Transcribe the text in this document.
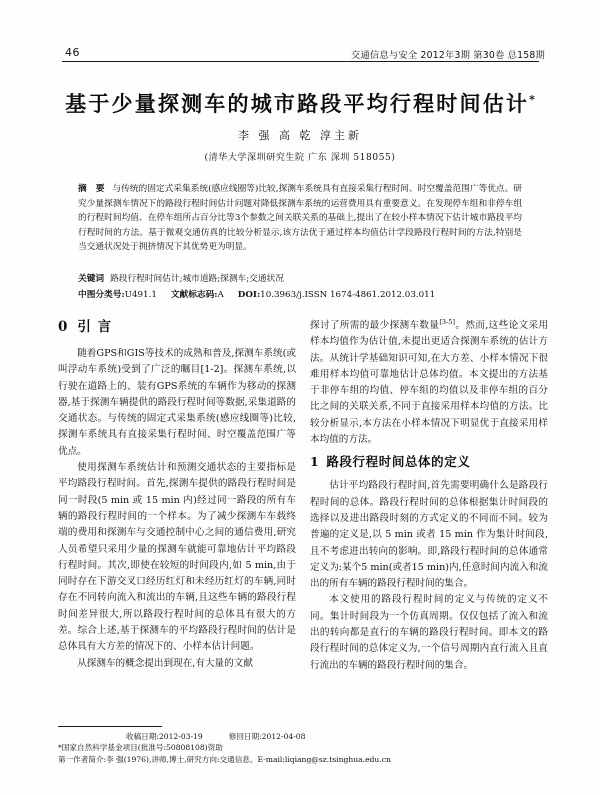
46	交通信息与安全 2012年3期 第30卷 总158期
基于少量探测车的城市路段平均行程时间估计*
李 强 高 乾 淳主新
(清华大学深圳研究生院 广东 深圳 518055)
摘 要 与传统的固定式采集系统(感应线圈等)比较,探测车系统具有直接采集行程时间、时空覆盖范围广等优点。研究少量探测车情况下的路段行程时间估计问题对降低探测车系统的运营费用具有重要意义。在发现停车组和非停车组的行程时间均值、在停车组所占百分比等3个参数之间关联关系的基础上,提出了在较小样本情况下估计城市路段平均行程时间的方法。基于微观交通仿真的比较分析显示,该方法优于通过样本均值估计学段路段行程时间的方法,特别是当交通状况处于拥挤情况下其优势更为明显。
关键词 路段行程时间估计;城市道路;探测车;交通状况
中图分类号:U491.1 文献标志码:A DOI:10.3963/j.ISSN 1674-4861.2012.03.011
0 引 言

随着GPS和GIS等技术的成熟和普及,探测车系统(或叫浮动车系统)受到了广泛的瞩目[1-2]。探测车系统,以行驶在道路上的、装有GPS系统的车辆作为移动的探测器,基于探测车辆提供的路段行程时间等数据,采集道路的交通状态。与传统的固定式采集系统(感应线圈等)比较,探测车系统具有直接采集行程时间、时空覆盖范围广等优点。

使用探测车系统估计和预测交通状态的主要指标是平均路段行程时间。首先,探测车提供的路段行程时间是同一时段(5 min 或 15 min 内)经过同一路段的所有车辆的路段行程时间的一个样本。为了减少探测车车载终端的费用和探测车与交通控制中心之间的通信费用,研究人员希望只采用少量的探测车就能可靠地估计平均路段行程时间。其次,即使在较短的时间段内,如 5 min,由于同时存在下游交叉口经历红灯和未经历红灯的车辆,同时存在不同转向流入和流出的车辆,且这些车辆的路段行程时间差异很大,所以路段行程时间的总体具有很大的方差。综合上述,基于探测车的平均路段行程时间的估计是总体具有大方差的情况下的、小样本估计问题。

从探测车的概念提出到现在,有大量的文献

探讨了所需的最少探测车数量[3-5]。然而,这些论文采用样本均值作为估计值,未提出更适合探测车系统的估计方法。从统计学基础知识可知,在大方差、小样本情况下很难用样本均值可靠地估计总体均值。本文提出的方法基于非停车组的均值、停车组的均值以及非停车组的百分比之间的关联关系,不同于直接采用样本均值的方法。比较分析显示,本方法在小样本情况下明显优于直接采用样本均值的方法。

1 路段行程时间总体的定义

估计平均路段行程时间,首先需要明确什么是路段行程时间的总体。路段行程时间的总体根据集计时间段的选择以及进出路段时刻的方式定义的不同而不同。较为普遍的定义是,以 5 min 或者 15 min 作为集计时间段,且不考虑进出转向的影响。即,路段行程时间的总体通常定义为:某个5 min(或者15 min)内,任意时间内流入和流出的所有车辆的路段行程时间的集合。

本文使用的路段行程时间的定义与传统的定义不同。集计时间段为一个仿真周期。仅仅包括了流入和流出的转向都是直行的车辆的路段行程时间。即本文的路段行程时间的总体定义为,一个信号周期内直行流入且直行流出的车辆的路段行程时间的集合。

收稿日期:2012-03-19	修回日期:2012-04-08
*国家自然科学基金项目(批准号:50808108)资助
第一作者简介:李 强(1976),讲师,博士,研究方向:交通信息。E-mail:liqiang@sz.tsinghua.edu.cn
